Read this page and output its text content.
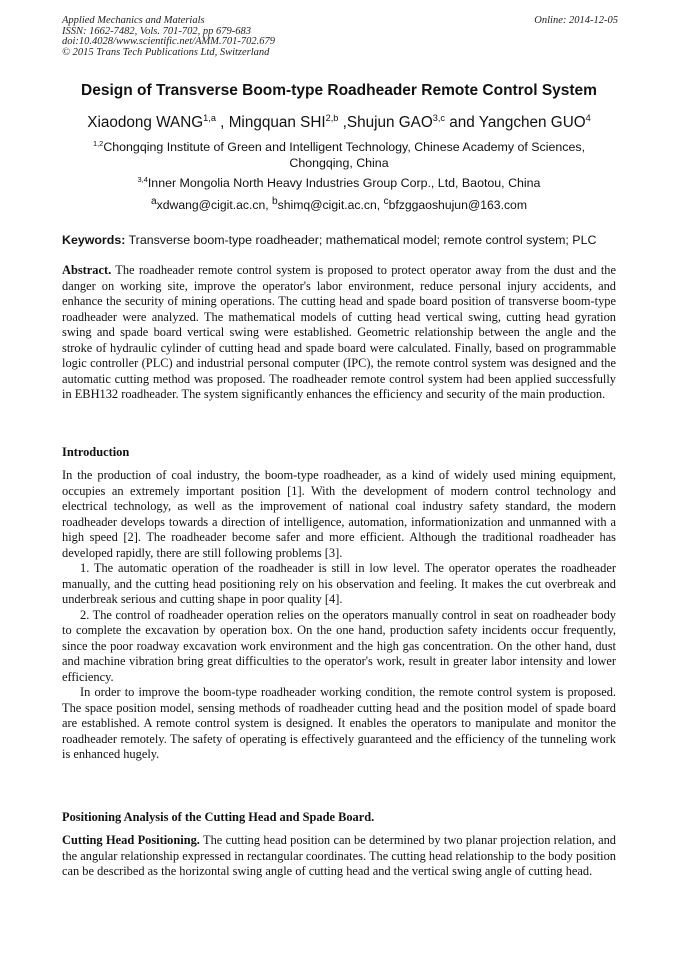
Applied Mechanics and Materials
ISSN: 1662-7482, Vols. 701-702, pp 679-683
doi:10.4028/www.scientific.net/AMM.701-702.679
© 2015 Trans Tech Publications Ltd, Switzerland
Online: 2014-12-05
Design of Transverse Boom-type Roadheader Remote Control System
Xiaodong WANG$^{1,a}$ , Mingquan SHI$^{2,b}$ ,Shujun GAO$^{3,c}$ and Yangchen GUO$^4$
$^{1,2}$Chongqing Institute of Green and Intelligent Technology, Chinese Academy of Sciences, Chongqing, China
$^{3,4}$Inner Mongolia North Heavy Industries Group Corp., Ltd, Baotou, China
$^a$xdwang@cigit.ac.cn, $^b$shimq@cigit.ac.cn, $^c$bfzggaoshujun@163.com
Keywords: Transverse boom-type roadheader; mathematical model; remote control system; PLC

Abstract. The roadheader remote control system is proposed to protect operator away from the dust and the danger on working site, improve the operator's labor environment, reduce personal injury accidents, and enhance the security of mining operations. The cutting head and spade board position of transverse boom-type roadheader were analyzed. The mathematical models of cutting head vertical swing, cutting head gyration swing and spade board vertical swing were established. Geometric relationship between the angle and the stroke of hydraulic cylinder of cutting head and spade board were calculated. Finally, based on programmable logic controller (PLC) and industrial personal computer (IPC), the remote control system was designed and the automatic cutting method was proposed. The roadheader remote control system had been applied successfully in EBH132 roadheader. The system significantly enhances the efficiency and security of the main production.

Introduction

In the production of coal industry, the boom-type roadheader, as a kind of widely used mining equipment, occupies an extremely important position [1]. With the development of modern control technology and electrical technology, as well as the improvement of national coal industry safety standard, the modern roadheader develops towards a direction of intelligence, automation, informationization and unmanned with a high speed [2]. The roadheader become safer and more efficient. Although the traditional roadheader has developed rapidly, there are still following problems [3].

1. The automatic operation of the roadheader is still in low level. The operator operates the roadheader manually, and the cutting head positioning rely on his observation and feeling. It makes the cut overbreak and underbreak serious and cutting shape in poor quality [4].

2. The control of roadheader operation relies on the operators manually control in seat on roadheader body to complete the excavation by operation box. On the one hand, production safety incidents occur frequently, since the poor roadway excavation work environment and the high gas concentration. On the other hand, dust and machine vibration bring great difficulties to the operator's work, result in greater labor intensity and lower efficiency.

In order to improve the boom-type roadheader working condition, the remote control system is proposed. The space position model, sensing methods of roadheader cutting head and the position model of spade board are established. A remote control system is designed. It enables the operators to manipulate and monitor the roadheader remotely. The safety of operating is effectively guaranteed and the efficiency of the tunneling work is enhanced hugely.

Positioning Analysis of the Cutting Head and Spade Board.

Cutting Head Positioning. The cutting head position can be determined by two planar projection relation, and the angular relationship expressed in rectangular coordinates. The cutting head relationship to the body position can be described as the horizontal swing angle of cutting head and the vertical swing angle of cutting head.
